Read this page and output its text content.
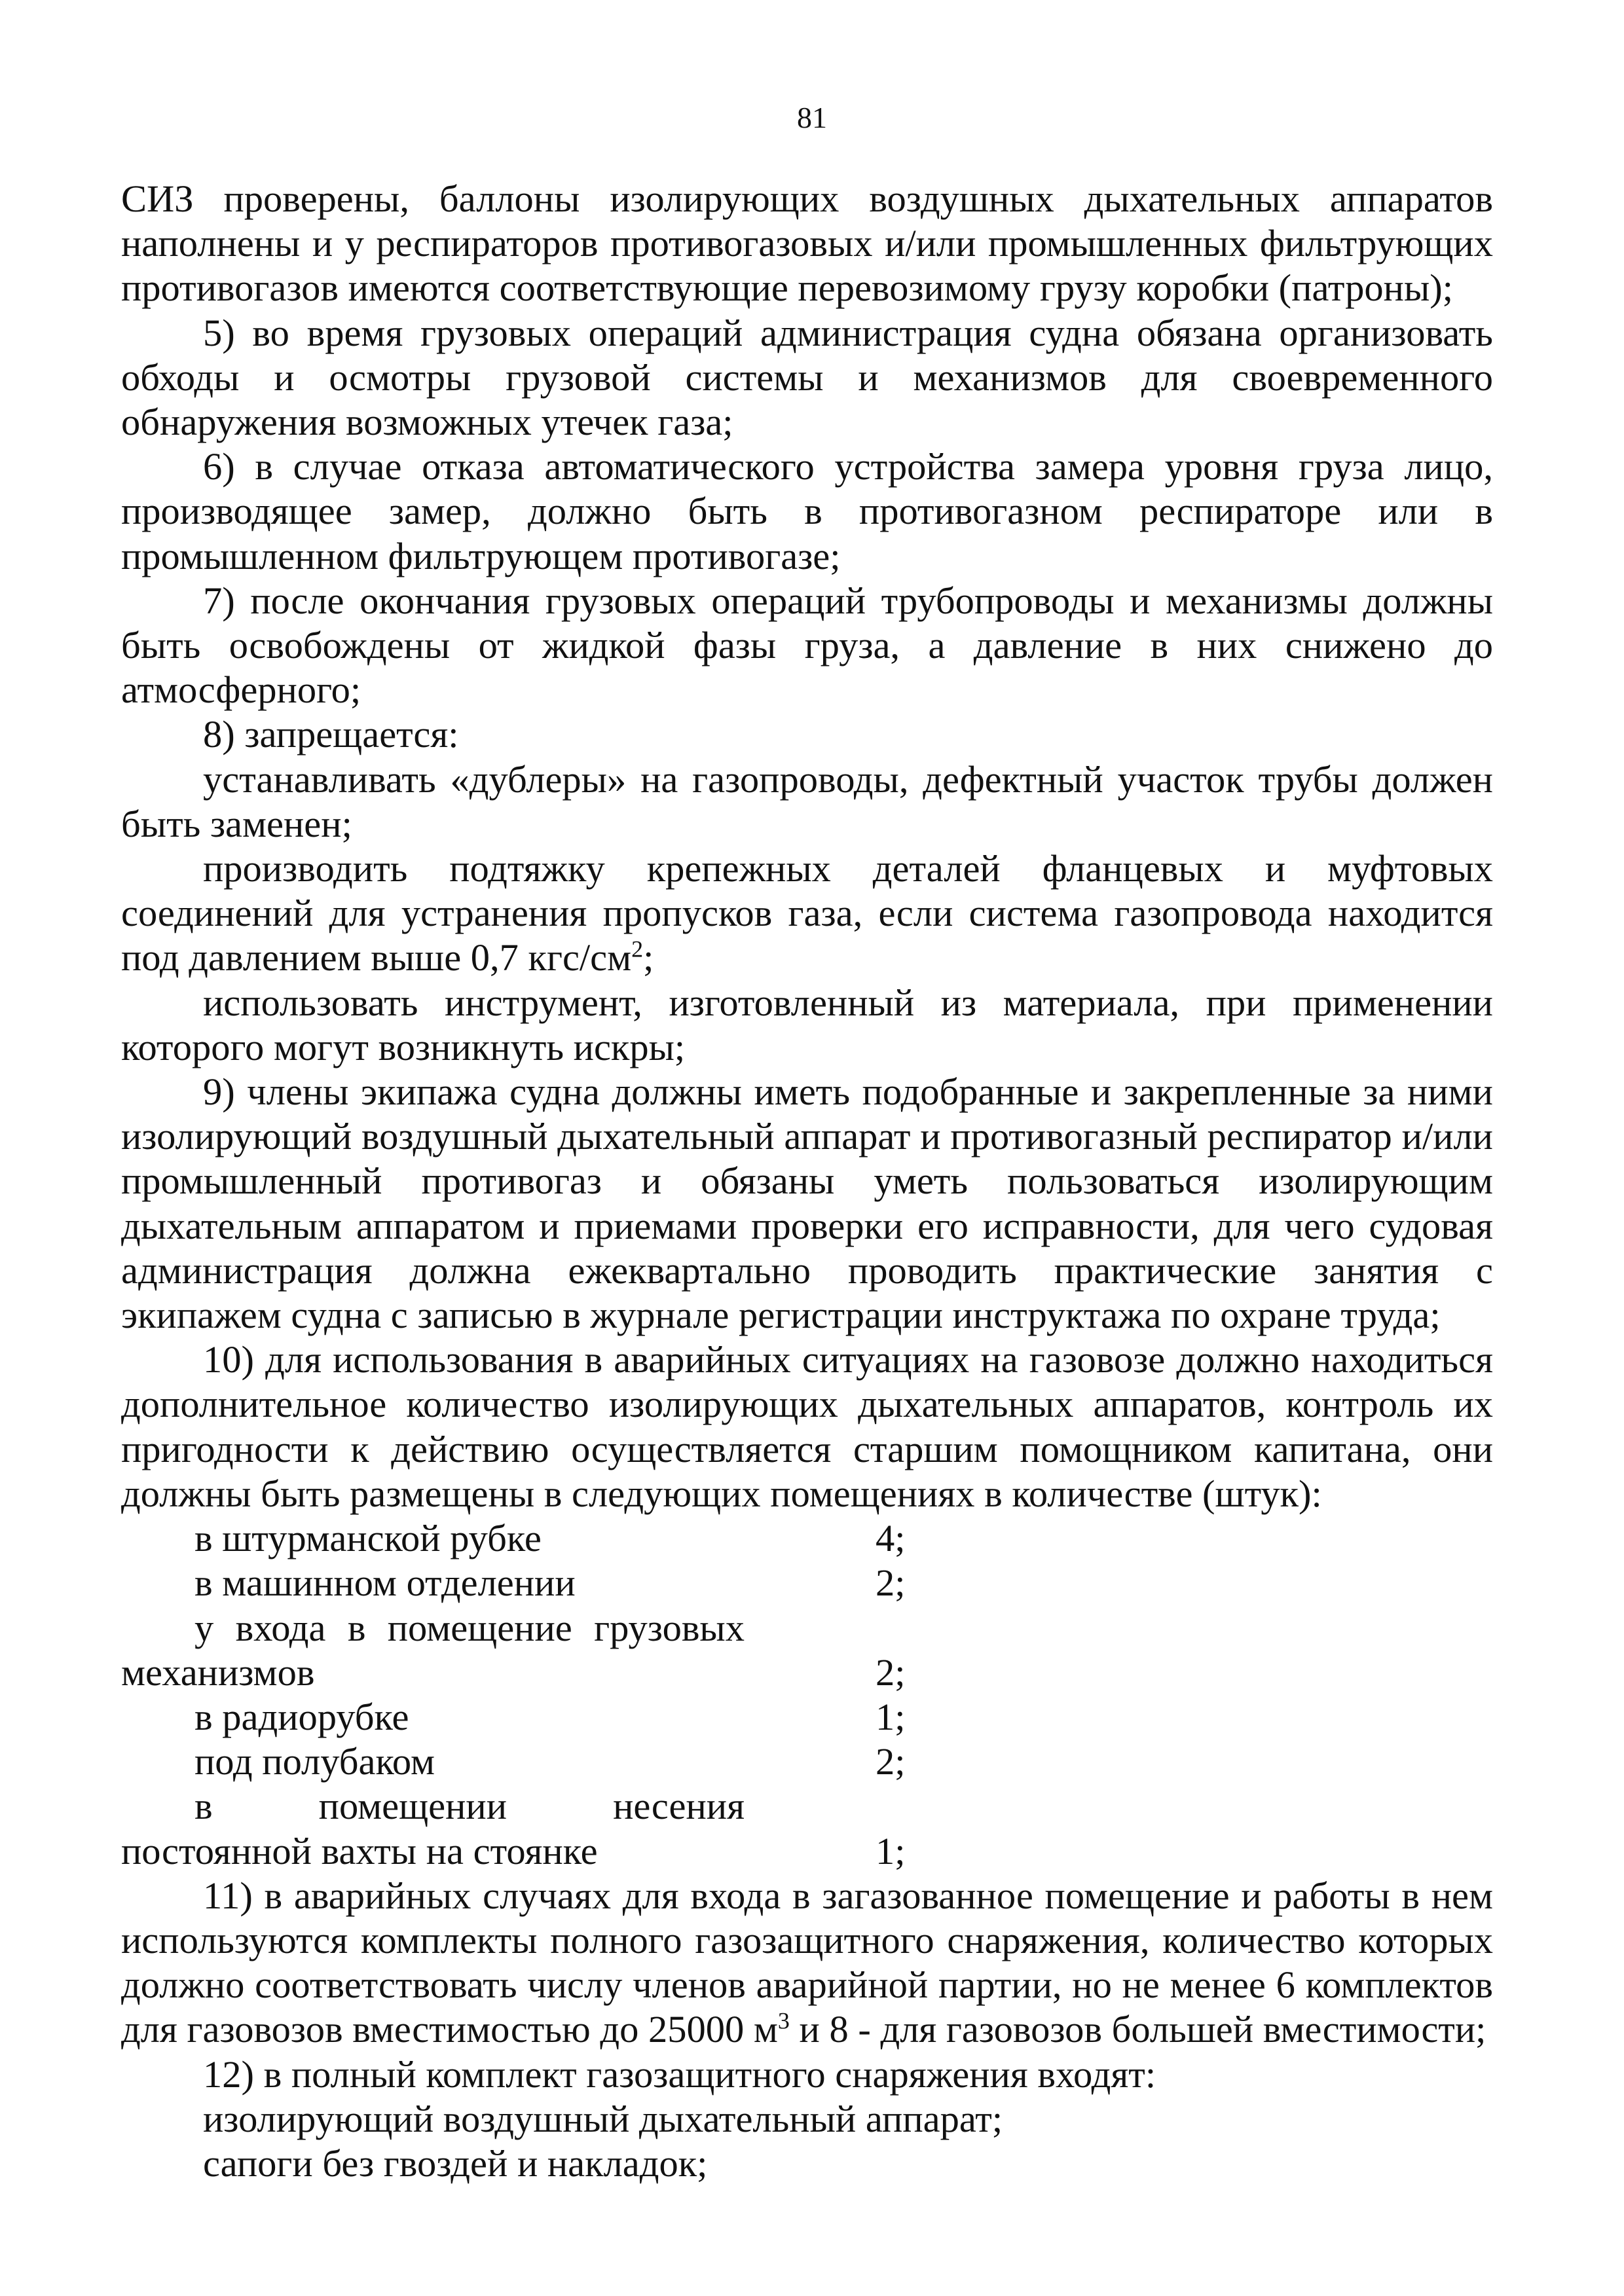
81

СИЗ проверены, баллоны изолирующих воздушных дыхательных аппаратов наполнены и у респираторов противогазовых и/или промышленных фильтрующих противогазов имеются соответствующие перевозимому грузу коробки (патроны);

5) во время грузовых операций администрация судна обязана организовать обходы и осмотры грузовой системы и механизмов для своевременного обнаружения возможных утечек газа;

6) в случае отказа автоматического устройства замера уровня груза лицо, производящее замер, должно быть в противогазном респираторе или в промышленном фильтрующем противогазе;

7) после окончания грузовых операций трубопроводы и механизмы должны быть освобождены от жидкой фазы груза, а давление в них снижено до атмосферного;

8) запрещается:

устанавливать «дублеры» на газопроводы, дефектный участок трубы должен быть заменен;

производить подтяжку крепежных деталей фланцевых и муфтовых соединений для устранения пропусков газа, если система газопровода находится под давлением выше 0,7 кгс/$см^2$;

использовать инструмент, изготовленный из материала, при применении которого могут возникнуть искры;

9) члены экипажа судна должны иметь подобранные и закрепленные за ними изолирующий воздушный дыхательный аппарат и противогазный респиратор и/или промышленный противогаз и обязаны уметь пользоваться изолирующим дыхательным аппаратом и приемами проверки его исправности, для чего судовая администрация должна ежеквартально проводить практические занятия с экипажем судна с записью в журнале регистрации инструктажа по охране труда;

10) для использования в аварийных ситуациях на газовозе должно находиться дополнительное количество изолирующих дыхательных аппаратов, контроль их пригодности к действию осуществляется старшим помощником капитана, они должны быть размещены в следующих помещениях в количестве (штук):

в штурманской рубке	4;
в машинном отделении	2;

у входа в помещение грузовых
механизмов	2;
в радиорубке	1;
под полубаком	2;

в помещении несения
постоянной вахты на стоянке	1;

11) в аварийных случаях для входа в загазованное помещение и работы в нем используются комплекты полного газозащитного снаряжения, количество которых должно соответствовать числу членов аварийной партии, но не менее 6 комплектов для газовозов вместимостью до 25000 $м^3$ и 8 - для газовозов большей вместимости;

12) в полный комплект газозащитного снаряжения входят:

изолирующий воздушный дыхательный аппарат;

сапоги без гвоздей и накладок;
